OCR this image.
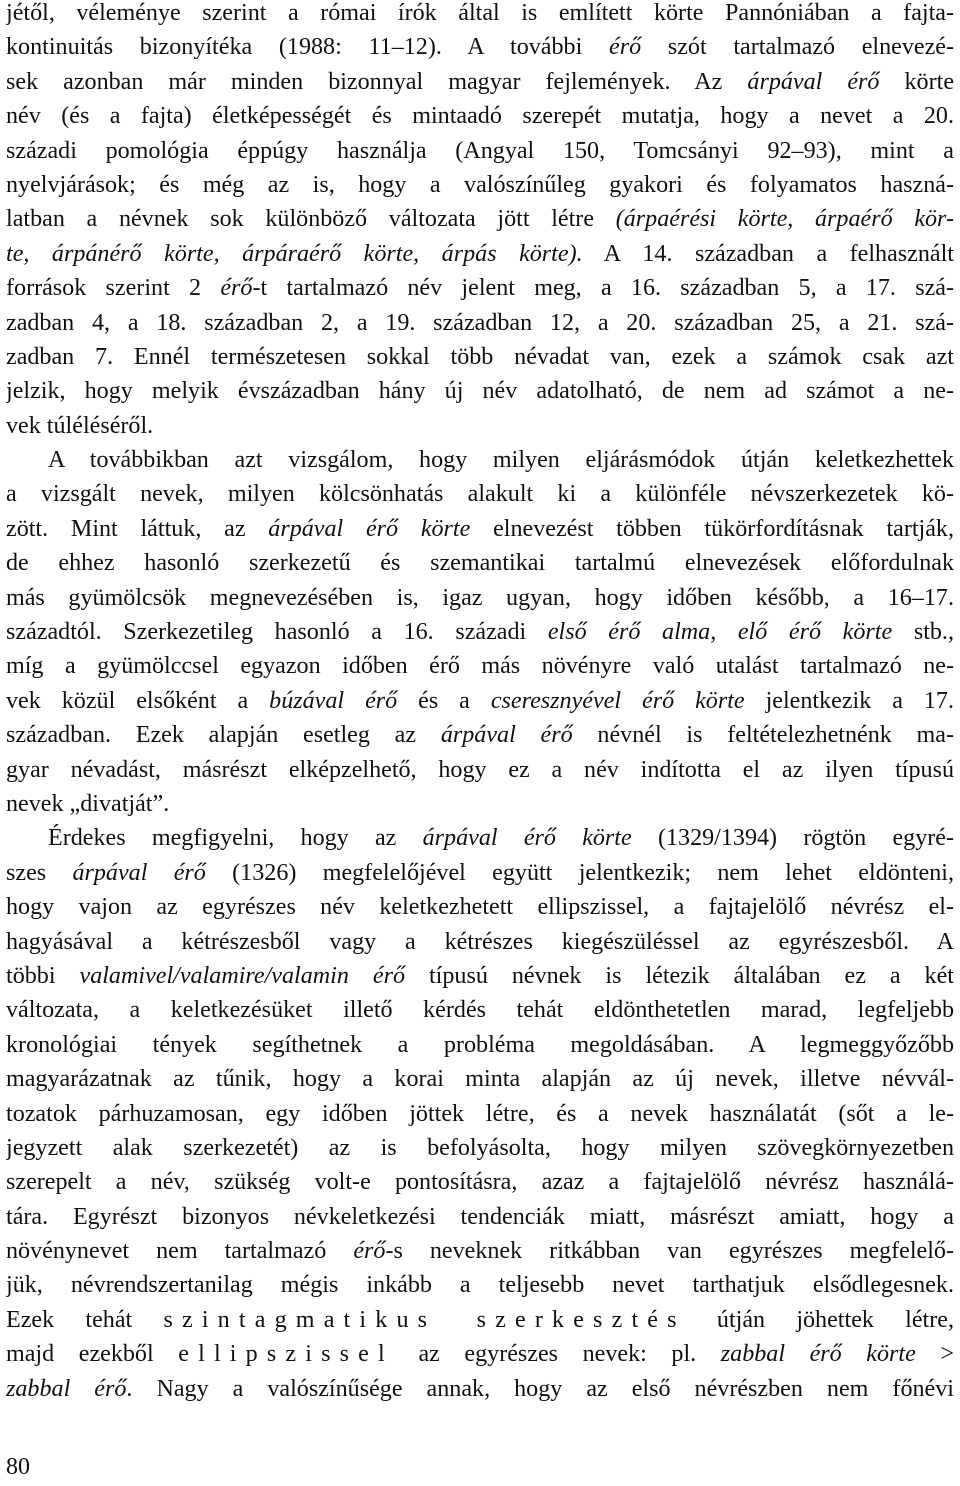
jétől, véleménye szerint a római írók által is említett körte Pannóniában a fajta-
kontinuitás bizonyítéka (1988: 11–12). A további érő szót tartalmazó elnevezé-
sek azonban már minden bizonnyal magyar fejlemények. Az árpával érő körte
név (és a fajta) életképességét és mintaadó szerepét mutatja, hogy a nevet a 20.
századi pomológia éppúgy használja (Angyal 150, Tomcsányi 92–93), mint a
nyelvjárások; és még az is, hogy a valószínűleg gyakori és folyamatos haszná-
latban a névnek sok különböző változata jött létre (árpaérési körte, árpaérő kör-
te, árpánérő körte, árpáraérő körte, árpás körte). A 14. században a felhasznált
források szerint 2 érő-t tartalmazó név jelent meg, a 16. században 5, a 17. szá-
zadban 4, a 18. században 2, a 19. században 12, a 20. században 25, a 21. szá-
zadban 7. Ennél természetesen sokkal több névadat van, ezek a számok csak azt
jelzik, hogy melyik évszázadban hány új név adatolható, de nem ad számot a ne-
vek túléléséről.
A továbbikban azt vizsgálom, hogy milyen eljárásmódok útján keletkezhettek
a vizsgált nevek, milyen kölcsönhatás alakult ki a különféle névszerkezetek kö-
zött. Mint láttuk, az árpával érő körte elnevezést többen tükörfordításnak tartják,
de ehhez hasonló szerkezetű és szemantikai tartalmú elnevezések előfordulnak
más gyümölcsök megnevezésében is, igaz ugyan, hogy időben később, a 16–17.
századtól. Szerkezetileg hasonló a 16. századi első érő alma, elő érő körte stb.,
míg a gyümölccsel egyazon időben érő más növényre való utalást tartalmazó ne-
vek közül elsőként a búzával érő és a cseresznyével érő körte jelentkezik a 17.
században. Ezek alapján esetleg az árpával érő névnél is feltételezhetnénk ma-
gyar névadást, másrészt elképzelhető, hogy ez a név indította el az ilyen típusú
nevek „divatját”.
Érdekes megfigyelni, hogy az árpával érő körte (1329/1394) rögtön egyré-
szes árpával érő (1326) megfelelőjével együtt jelentkezik; nem lehet eldönteni,
hogy vajon az egyrészes név keletkezhetett ellipszissel, a fajtajelölő névrész el-
hagyásával a kétrészesből vagy a kétrészes kiegészüléssel az egyrészesből. A
többi valamivel/valamire/valamin érő típusú névnek is létezik általában ez a két
változata, a keletkezésüket illető kérdés tehát eldönthetetlen marad, legfeljebb
kronológiai tények segíthetnek a probléma megoldásában. A legmeggyőzőbb
magyarázatnak az tűnik, hogy a korai minta alapján az új nevek, illetve névvál-
tozatok párhuzamosan, egy időben jöttek létre, és a nevek használatát (sőt a le-
jegyzett alak szerkezetét) az is befolyásolta, hogy milyen szövegkörnyezetben
szerepelt a név, szükség volt-e pontosításra, azaz a fajtajelölő névrész használá-
tára. Egyrészt bizonyos névkeletkezési tendenciák miatt, másrészt amiatt, hogy a
növénynevet nem tartalmazó érő-s neveknek ritkábban van egyrészes megfelelő-
jük, névrendszertanilag mégis inkább a teljesebb nevet tarthatjuk elsődlegesnek.
Ezek tehát szintagmatikus szerkesztés útján jöhettek létre,
majd ezekből ellipszissel az egyrészes nevek: pl. zabbal érő körte >
zabbal érő. Nagy a valószínűsége annak, hogy az első névrészben nem főnévi
80
